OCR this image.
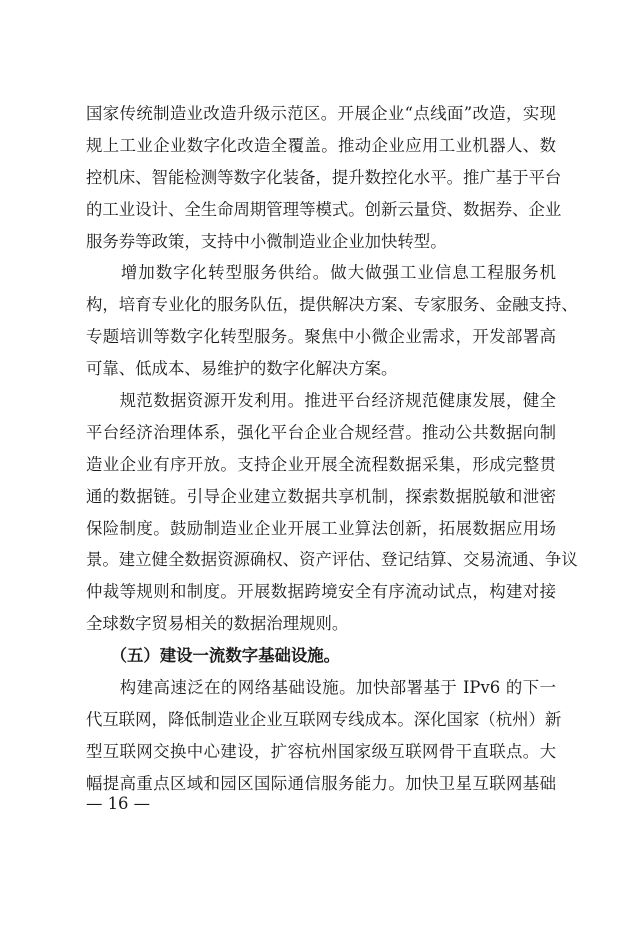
国家传统制造业改造升级示范区。开展企业“点线面”改造，实现
规上工业企业数字化改造全覆盖。推动企业应用工业机器人、数
控机床、智能检测等数字化装备，提升数控化水平。推广基于平台
的工业设计、全生命周期管理等模式。创新云量贷、数据券、企业
服务券等政策，支持中小微制造业企业加快转型。
　　增加数字化转型服务供给。做大做强工业信息工程服务机
构，培育专业化的服务队伍，提供解决方案、专家服务、金融支持、
专题培训等数字化转型服务。聚焦中小微企业需求，开发部署高
可靠、低成本、易维护的数字化解决方案。
　　规范数据资源开发利用。推进平台经济规范健康发展，健全
平台经济治理体系，强化平台企业合规经营。推动公共数据向制
造业企业有序开放。支持企业开展全流程数据采集，形成完整贯
通的数据链。引导企业建立数据共享机制，探索数据脱敏和泄密
保险制度。鼓励制造业企业开展工业算法创新，拓展数据应用场
景。建立健全数据资源确权、资产评估、登记结算、交易流通、争议
仲裁等规则和制度。开展数据跨境安全有序流动试点，构建对接
全球数字贸易相关的数据治理规则。
　　（五）建设一流数字基础设施。
　　构建高速泛在的网络基础设施。加快部署基于 IPv6 的下一
代互联网，降低制造业企业互联网专线成本。深化国家（杭州）新
型互联网交换中心建设，扩容杭州国家级互联网骨干直联点。大
幅提高重点区域和园区国际通信服务能力。加快卫星互联网基础
— 16 —
